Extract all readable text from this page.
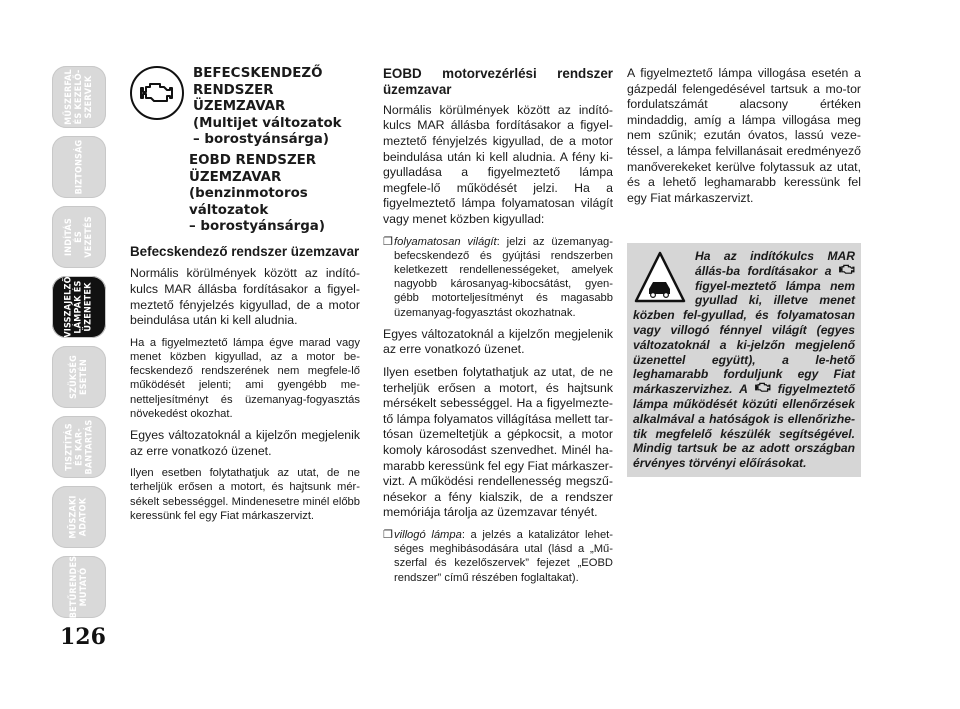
MŰSZERFAL
ÉS KEZELŐ-
SZERVEK
BIZTONSÁG
INDÍTÁS
ÉS VEZETÉS
VISSZAJELZŐ
LÁMPÁK ÉS
ÜZENETEK
SZÜKSÉG
ESETÉN
TISZTÍTÁS
ÉS KAR-
BANTARTÁS
MŰSZAKI
ADATOK
BETŰRENDES
MUTATÓ
126
BEFECSKENDEZŐ
RENDSZER
ÜZEMZAVAR
(Multijet változatok
– borostyánsárga)
EOBD RENDSZER
ÜZEMZAVAR
(benzinmotoros
változatok
– borostyánsárga)

Befecskendező rendszer üzemzavar

Normális körülmények között az indító-kulcs MAR állásba fordításakor a figyel-meztető fényjelzés kigyullad, de a motor beindulása után ki kell aludnia.

Ha a figyelmeztető lámpa égve marad vagy menet közben kigyullad, az a motor be-fecskendező rendszerének nem megfele-lő működését jelenti; ami gyengébb me-netteljesítményt és üzemanyag-fogyasztás növekedést okozhat.

Egyes változatoknál a kijelzőn megjelenik az erre vonatkozó üzenet.

Ilyen esetben folytathatjuk az utat, de ne terheljük erősen a motort, és hajtsunk mér-sékelt sebességgel. Mindenesetre minél előbb keressünk fel egy Fiat márkaszervizt.

EOBD motorvezérlési rendszer üzemzavar

Normális körülmények között az indító-kulcs MAR állásba fordításakor a figyel-meztető fényjelzés kigyullad, de a motor beindulása után ki kell aludnia. A fény ki-gyulladása a figyelmeztető lámpa megfele-lő működését jelzi. Ha a figyelmeztető lámpa folyamatosan világít vagy menet közben kigyullad:

❐ folyamatosan világít: jelzi az üzemanyag-befecskendező és gyújtási rendszerben keletkezett rendellenességeket, amelyek nagyobb károsanyag-kibocsátást, gyen-gébb motorteljesítményt és magasabb üzemanyag-fogyasztást okozhatnak.

Egyes változatoknál a kijelzőn megjelenik az erre vonatkozó üzenet.

Ilyen esetben folytathatjuk az utat, de ne terheljük erősen a motort, és hajtsunk mérsékelt sebességgel. Ha a figyelmezte-tő lámpa folyamatos villágítása mellett tar-tósan üzemeltetjük a gépkocsit, a motor komoly károsodást szenvedhet. Minél ha-marabb keressünk fel egy Fiat márkaszer-vizt. A működési rendellenesség megszű-nésekor a fény kialszik, de a rendszer memóriája tárolja az üzemzavar tényét.

❐ villogó lámpa: a jelzés a katalizátor lehet-séges meghibásodására utal (lásd a „Mű-szerfal és kezelőszervek” fejezet „EOBD rendszer” című részében foglaltakat).

A figyelmeztető lámpa villogása esetén a gázpedál felengedésével tartsuk a mo-tor fordulatszámát alacsony értéken mindaddig, amíg a lámpa villogása meg nem szűnik; ezután óvatos, lassú veze-téssel, a lámpa felvillanásait eredményező manőverekeket kerülve folytassuk az utat, és a lehető leghamarabb keressünk fel egy Fiat márkaszervizt.

Ha az indítókulcs MAR állás-ba fordításakor a  figyel-meztető lámpa nem gyullad ki, illetve menet közben fel-gyullad, és folyamatosan vagy villogó fénnyel világít (egyes változatoknál a ki-jelzőn megjelenő üzenettel együtt), a le-hető leghamarabb forduljunk egy Fiat márkaszervizhez. A	figyelmeztető lámpa működését közúti ellenőrzések alkalmával a hatóságok is ellenőrizhe-tik megfelelő készülék segítségével. Mindig tartsuk be az adott országban érvényes törvényi előírásokat.
